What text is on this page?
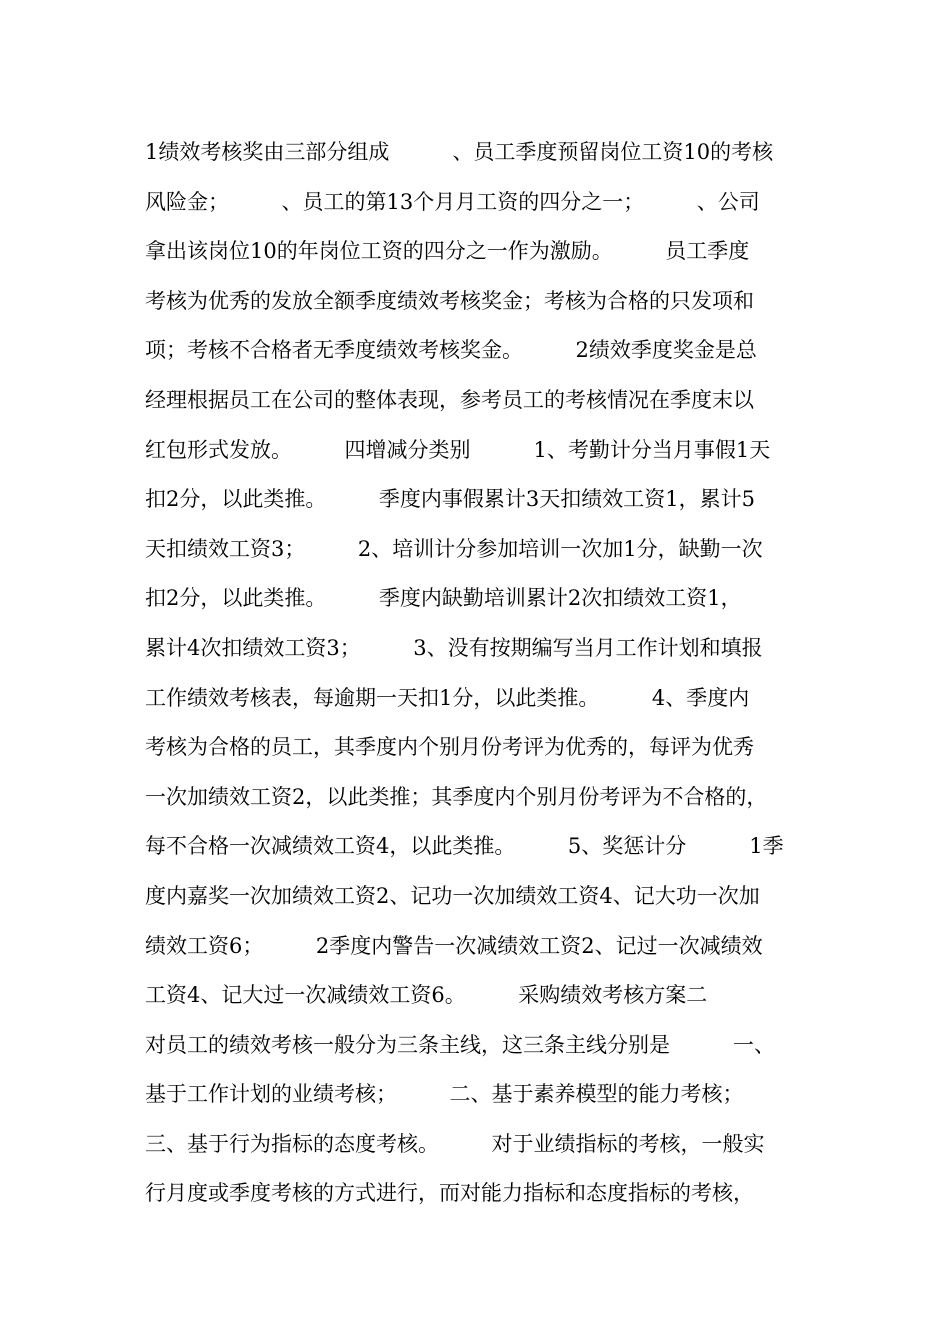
1绩效考核奖由三部分组成　　　、员工季度预留岗位工资10的考核
风险金；　　　、员工的第13个月月工资的四分之一；　　　、公司
拿出该岗位10的年岗位工资的四分之一作为激励。　　　员工季度
考核为优秀的发放全额季度绩效考核奖金；考核为合格的只发项和
项；考核不合格者无季度绩效考核奖金。　　　2绩效季度奖金是总
经理根据员工在公司的整体表现，参考员工的考核情况在季度末以
红包形式发放。　　　四增减分类别　　　1、考勤计分当月事假1天
扣2分，以此类推。　　　季度内事假累计3天扣绩效工资1，累计5
天扣绩效工资3；　　　2、培训计分参加培训一次加1分，缺勤一次
扣2分，以此类推。　　　季度内缺勤培训累计2次扣绩效工资1，
累计4次扣绩效工资3；　　　3、没有按期编写当月工作计划和填报
工作绩效考核表，每逾期一天扣1分，以此类推。　　　4、季度内
考核为合格的员工，其季度内个别月份考评为优秀的，每评为优秀
一次加绩效工资2，以此类推；其季度内个别月份考评为不合格的，
每不合格一次减绩效工资4，以此类推。　　　5、奖惩计分　　　1季
度内嘉奖一次加绩效工资2、记功一次加绩效工资4、记大功一次加
绩效工资6；　　　2季度内警告一次减绩效工资2、记过一次减绩效
工资4、记大过一次减绩效工资6。　　　采购绩效考核方案二
对员工的绩效考核一般分为三条主线，这三条主线分别是　　　一、
基于工作计划的业绩考核；　　　二、基于素养模型的能力考核；
三、基于行为指标的态度考核。　　　对于业绩指标的考核，一般实
行月度或季度考核的方式进行，而对能力指标和态度指标的考核，
